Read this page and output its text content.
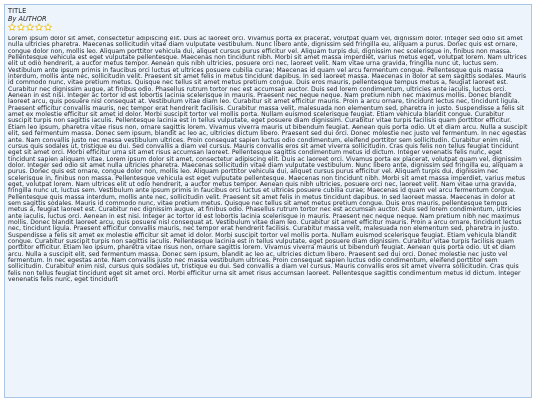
TITLE
By AUTHOR
Lorem ipsum dolor sit amet, consectetur adipiscing elit. Duis ac laoreet orci. Vivamus porta ex placerat, volutpat quam vel, dignissim dolor. Integer sed odio sit amet nulla ultricies pharetra. Maecenas sollicitudin vitae diam vulputate vestibulum. Nunc libero ante, dignissim sed fringilla eu, aliquam a purus. Donec quis est ornare, congue dolor non, mollis leo. Aliquam porttitor vehicula dui, aliquet cursus purus efficitur vel. Aliquam turpis dui, dignissim nec scelerisque in, finibus non massa. Pellentesque vehicula est eget vulputate pellentesque. Maecenas non tincidunt nibh. Morbi sit amet massa imperdiet, varius metus eget, volutpat lorem. Nam ultrices elit ut odio hendrerit, a auctor metus tempor. Aenean quis nibh ultricies, posuere orci nec, laoreet velit. Nam vitae urna gravida, fringilla nunc ut, luctus sem. Vestibulum ante ipsum primis in faucibus orci luctus et ultrices posuere cubilia curae; Maecenas id quam vel arcu fermentum congue. Pellentesque quis massa interdum, mollis ante nec, sollicitudin velit. Praesent sit amet felis in metus tincidunt dapibus. In sed laoreet massa. Maecenas in dolor at sem sagittis sodales. Mauris id commodo nunc, vitae pretium metus. Quisque nec tellus sit amet metus pretium congue. Duis eros mauris, pellentesque tempus metus a, feugiat laoreet est. Curabitur nec dignissim augue, at finibus odio. Phasellus rutrum tortor nec est accumsan auctor. Duis sed lorem condimentum, ultricies ante iaculis, luctus orci. Aenean in est nisi. Integer ac tortor id est lobortis lacinia scelerisque in mauris. Praesent nec neque neque. Nam pretium nibh nec maximus mollis. Donec blandit laoreet arcu, quis posuere nisl consequat at. Vestibulum vitae diam leo. Curabitur sit amet efficitur mauris. Proin a arcu ornare, tincidunt lectus nec, tincidunt ligula. Praesent efficitur convallis mauris, nec tempor erat hendrerit facilisis. Curabitur massa velit, malesuada non elementum sed, pharetra in justo. Suspendisse a felis sit amet ex molestie efficitur sit amet id dolor. Morbi suscipit tortor vel mollis porta. Nullam euismod scelerisque feugiat. Etiam vehicula blandit congue. Curabitur suscipit turpis non sagittis iaculis. Pellentesque lacinia est in tellus vulputate, eget posuere diam dignissim. Curabitur vitae turpis facilisis quam porttitor efficitur. Etiam leo ipsum, pharetra vitae risus non, ornare sagittis lorem. Vivamus viverra mauris ut bibendum feugiat. Aenean quis porta odio. Ut et diam arcu. Nulla a suscipit elit, sed fermentum massa. Donec sem ipsum, blandit ac leo ac, ultricies dictum libero. Praesent sed dui orci. Donec molestie nec justo vel fermentum. In nec egestas ante. Nam convallis justo nec massa vestibulum ultrices. Proin consequat sapien luctus odio condimentum, eleifend porttitor sem sollicitudin. Curabitur enim nisl, cursus quis sodales ut, tristique eu dui. Sed convallis a diam vel cursus. Mauris convallis eros sit amet viverra sollicitudin. Cras quis felis non tellus feugiat tincidunt eget sit amet orci. Morbi efficitur urna sit amet risus accumsan laoreet. Pellentesque sagittis condimentum metus id dictum. Integer venenatis felis nunc, eget tincidunt sapien aliquam vitae. Lorem ipsum dolor sit amet, consectetur adipiscing elit. Duis ac laoreet orci. Vivamus porta ex placerat, volutpat quam vel, dignissim dolor. Integer sed odio sit amet nulla ultricies pharetra. Maecenas sollicitudin vitae diam vulputate vestibulum. Nunc libero ante, dignissim sed fringilla eu, aliquam a purus. Donec quis est ornare, congue dolor non, mollis leo. Aliquam porttitor vehicula dui, aliquet cursus purus efficitur vel. Aliquam turpis dui, dignissim nec scelerisque in, finibus non massa. Pellentesque vehicula est eget vulputate pellentesque. Maecenas non tincidunt nibh. Morbi sit amet massa imperdiet, varius metus eget, volutpat lorem. Nam ultrices elit ut odio hendrerit, a auctor metus tempor. Aenean quis nibh ultricies, posuere orci nec, laoreet velit. Nam vitae urna gravida, fringilla nunc ut, luctus sem. Vestibulum ante ipsum primis in faucibus orci luctus et ultrices posuere cubilia curae; Maecenas id quam vel arcu fermentum congue. Pellentesque quis massa interdum, mollis ante nec, sollicitudin velit. Praesent sit amet felis in metus tincidunt dapibus. In sed laoreet massa. Maecenas in dolor at sem sagittis sodales. Mauris id commodo nunc, vitae pretium metus. Quisque nec tellus sit amet metus pretium congue. Duis eros mauris, pellentesque tempus metus a, feugiat laoreet est. Curabitur nec dignissim augue, at finibus odio. Phasellus rutrum tortor nec est accumsan auctor. Duis sed lorem condimentum, ultricies ante iaculis, luctus orci. Aenean in est nisi. Integer ac tortor id est lobortis lacinia scelerisque in mauris. Praesent nec neque neque. Nam pretium nibh nec maximus mollis. Donec blandit laoreet arcu, quis posuere nisl consequat at. Vestibulum vitae diam leo. Curabitur sit amet efficitur mauris. Proin a arcu ornare, tincidunt lectus nec, tincidunt ligula. Praesent efficitur convallis mauris, nec tempor erat hendrerit facilisis. Curabitur massa velit, malesuada non elementum sed, pharetra in justo. Suspendisse a felis sit amet ex molestie efficitur sit amet id dolor. Morbi suscipit tortor vel mollis porta. Nullam euismod scelerisque feugiat. Etiam vehicula blandit congue. Curabitur suscipit turpis non sagittis iaculis. Pellentesque lacinia est in tellus vulputate, eget posuere diam dignissim. Curabitur vitae turpis facilisis quam porttitor efficitur. Etiam leo ipsum, pharetra vitae risus non, ornare sagittis lorem. Vivamus viverra mauris ut bibendum feugiat. Aenean quis porta odio. Ut et diam arcu. Nulla a suscipit elit, sed fermentum massa. Donec sem ipsum, blandit ac leo ac, ultricies dictum libero. Praesent sed dui orci. Donec molestie nec justo vel fermentum. In nec egestas ante. Nam convallis justo nec massa vestibulum ultrices. Proin consequat sapien luctus odio condimentum, eleifend porttitor sem sollicitudin. Curabitur enim nisl, cursus quis sodales ut, tristique eu dui. Sed convallis a diam vel cursus. Mauris convallis eros sit amet viverra sollicitudin. Cras quis felis non tellus feugiat tincidunt eget sit amet orci. Morbi efficitur urna sit amet risus accumsan laoreet. Pellentesque sagittis condimentum metus id dictum. Integer venenatis felis nunc, eget tincidunt
